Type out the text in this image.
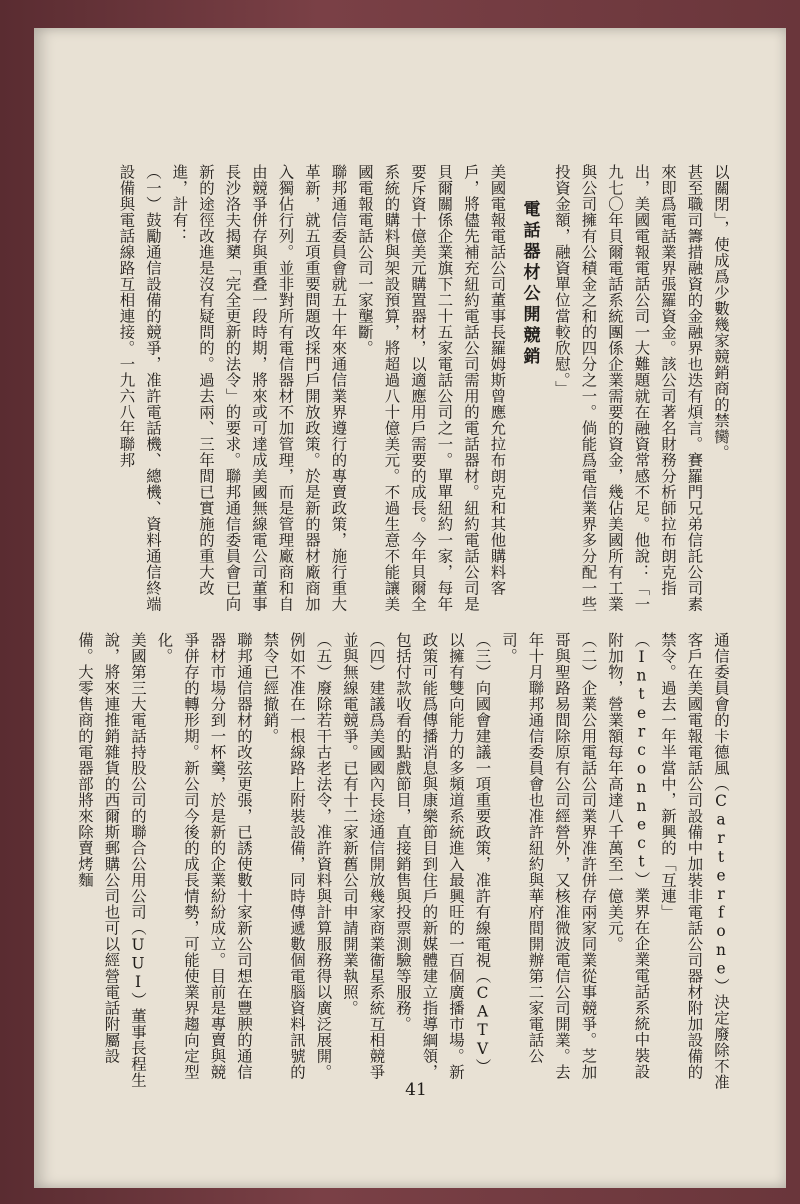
以關閉」，使成爲少數幾家競銷商的禁臠。

甚至職司籌措融資的金融界也迭有煩言。賽羅門兄弟信託公司素來即爲電話業界張羅資金。該公司著名財務分析師拉布朗克指出，美國電報電話公司一大難題就在融資常感不足。他說：「一九七〇年貝爾電話系統團係企業需要的資金，幾佔美國所有工業與公司擁有公積金之和的四分之一。倘能爲電信業界多分配一些投資金額，融資單位當較欣慰。」

電話器材公開競銷

美國電報電話公司董事長羅姆斯曾應允拉布朗克和其他購料客戶，將儘先補充紐約電話公司需用的電話器材。紐約電話公司是貝爾關係企業旗下二十五家電話公司之一。單單紐約一家，每年要斥資十億美元購置器材，以適應用戶需要的成長。今年貝爾全系統的購料與架設預算，將超過八十億美元。不過生意不能讓美國電報電話公司一家壟斷。

聯邦通信委員會就五十年來通信業界遵行的專賣政策，施行重大革新，就五項重要問題改採門戶開放政策。於是新的器材廠商加入獨佔行列。並非對所有電信器材不加管理，而是管理廠商和自由競爭併存與重叠一段時期，將來或可達成美國無線電公司董事長沙洛夫揭櫫「完全更新的法令」的要求。聯邦通信委員會已向新的途徑改進是沒有疑問的。過去兩、三年間已實施的重大改進，計有：

（一）鼓勵通信設備的競爭，准許電話機、總機、資料通信終端設備與電話線路互相連接。一九六八年聯邦

通信委員會的卡德風（Carterfone）決定廢除不准客戶在美國電報電話公司設備中加裝非電話公司器材附加設備的禁令。過去一年半當中，新興的「互連」（Interconnect）業界在企業電話系統中裝設附加物，營業額每年高達八千萬至一億美元。

（二）企業公用電話公司業界准許併存兩家同業從事競爭。芝加哥與聖路易間除原有公司經營外，又核准微波電信公司開業。去年十月聯邦通信委員會也准許紐約與華府間開辦第二家電話公司。

（三）向國會建議一項重要政策，准許有線電視（CATV）以擁有雙向能力的多頻道系統進入最興旺的一百個廣播市場。新政策可能爲傳播消息與康樂節目到住戶的新媒體建立指導綱領，包括付款收看的點戲節目，直接銷售與投票測驗等服務。

（四）建議爲美國國內長途通信開放幾家商業衞星系統互相競爭並與無線電競爭。已有十二家新舊公司申請開業執照。

（五）廢除若干古老法令，准許資料與計算服務得以廣泛展開。例如不准在一根線路上附裝設備，同時傳遞數個電腦資料訊號的禁令已經撤銷。

聯邦通信器材的改弦更張，已誘使數十家新公司想在豐腴的通信器材市場分到一杯羹，於是新的企業紛紛成立。目前是專賣與競爭併存的轉形期。新公司今後的成長情勢，可能使業界趨向定型化。

美國第三大電話持股公司的聯合公用公司（UUI）董事長程生說，將來連推銷雜貨的西爾斯郵購公司也可以經營電話附屬設備。大零售商的電器部將來除賣烤麵

41
